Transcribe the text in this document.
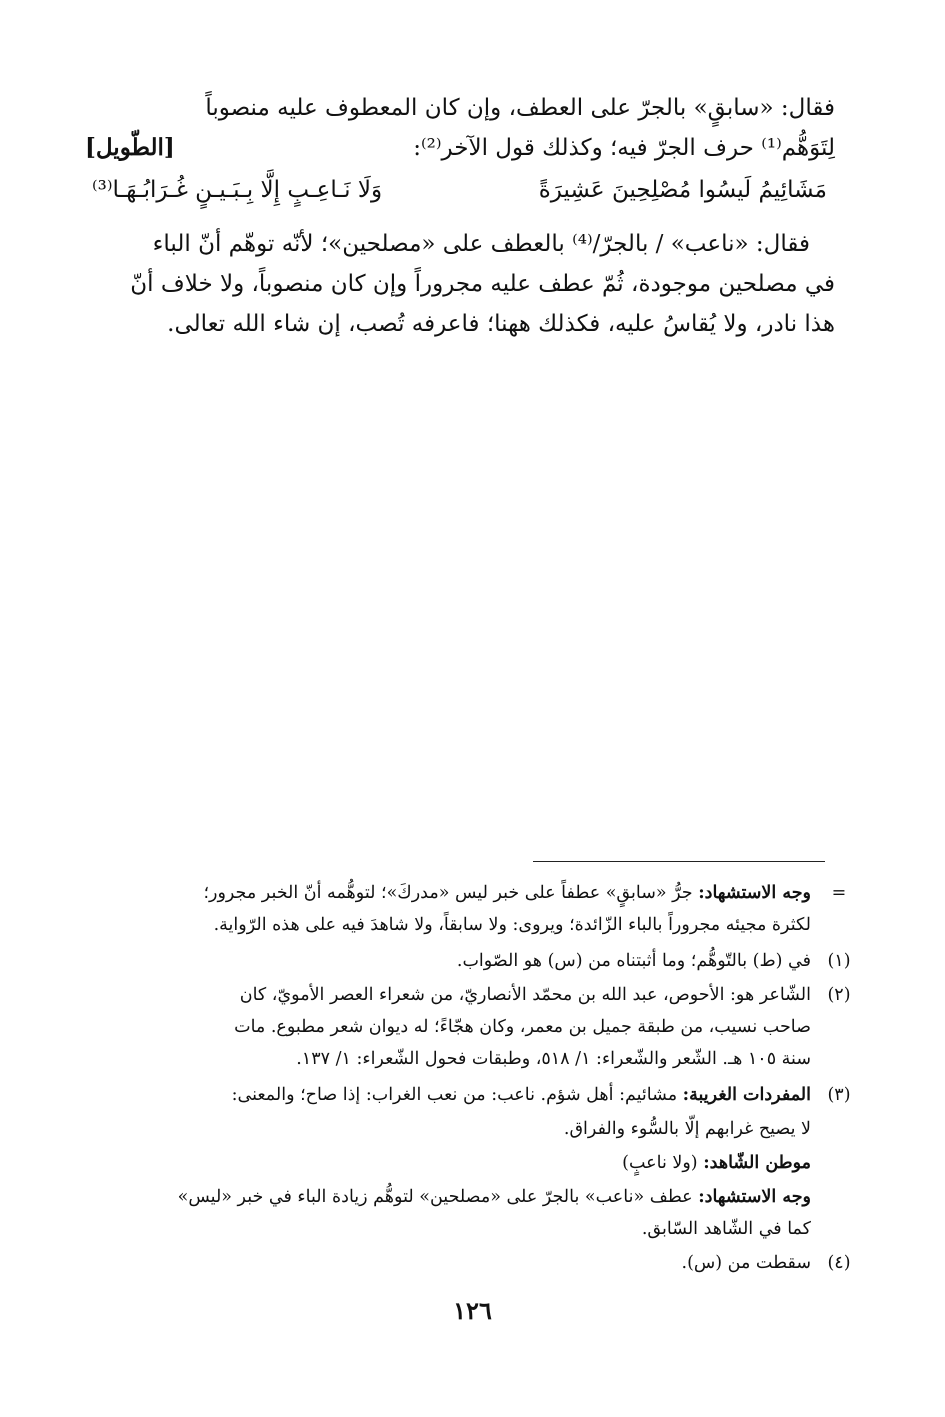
فقال: «سابقٍ» بالجرّ على العطف، وإن كان المعطوف عليه منصوباً
لِتَوَهُّم⁽¹⁾ حرف الجرّ فيه؛ وكذلك قول الآخر⁽²⁾:
[الطّويل]
مَشَائِيمُ لَيسُوا مُصْلِحِينَ عَشِيرَةً
وَلَا نَـاعِـبٍ إِلَّا بِـبَـيـنٍ غُـرَابُـهَـا⁽³⁾
فقال: «ناعب» / بالجرّ/⁽⁴⁾ بالعطف على «مصلحين»؛ لأنّه توهّم أنّ الباء
في مصلحين موجودة، ثُمّ عطف عليه مجروراً وإن كان منصوباً، ولا خلاف أنّ
هذا نادر، ولا يُقاسُ عليه، فكذلك ههنا؛ فاعرفه تُصب، إن شاء الله تعالى.
=
وجه الاستشهاد: جرُّ «سابقٍ» عطفاً على خبر ليس «مدركَ»؛ لتوهُّمه أنّ الخبر مجرور؛
لكثرة مجيئه مجروراً بالباء الزّائدة؛ ويروى: ولا سابقاً، ولا شاهدَ فيه على هذه الرّواية.
(١)
في (ط) بالتّوهُّم؛ وما أثبتناه من (س) هو الصّواب.
(٢)
الشّاعر هو: الأحوص، عبد الله بن محمّد الأنصاريّ، من شعراء العصر الأمويّ، كان
صاحب نسيب، من طبقة جميل بن معمر، وكان هجّاءً؛ له ديوان شعر مطبوع. مات
سنة ١٠٥ هـ. الشّعر والشّعراء: ١/ ٥١٨، وطبقات فحول الشّعراء: ١/ ١٣٧.
(٣)
المفردات الغريبة: مشائيم: أهل شؤم. ناعب: من نعب الغراب: إذا صاح؛ والمعنى:
لا يصيح غرابهم إلّا بالسُّوء والفراق.
موطن الشّاهد: (ولا ناعبٍ)
وجه الاستشهاد: عطف «ناعب» بالجرّ على «مصلحين» لتوهُّم زيادة الباء في خبر «ليس»
كما في الشّاهد السّابق.
(٤)
سقطت من (س).
١٢٦
